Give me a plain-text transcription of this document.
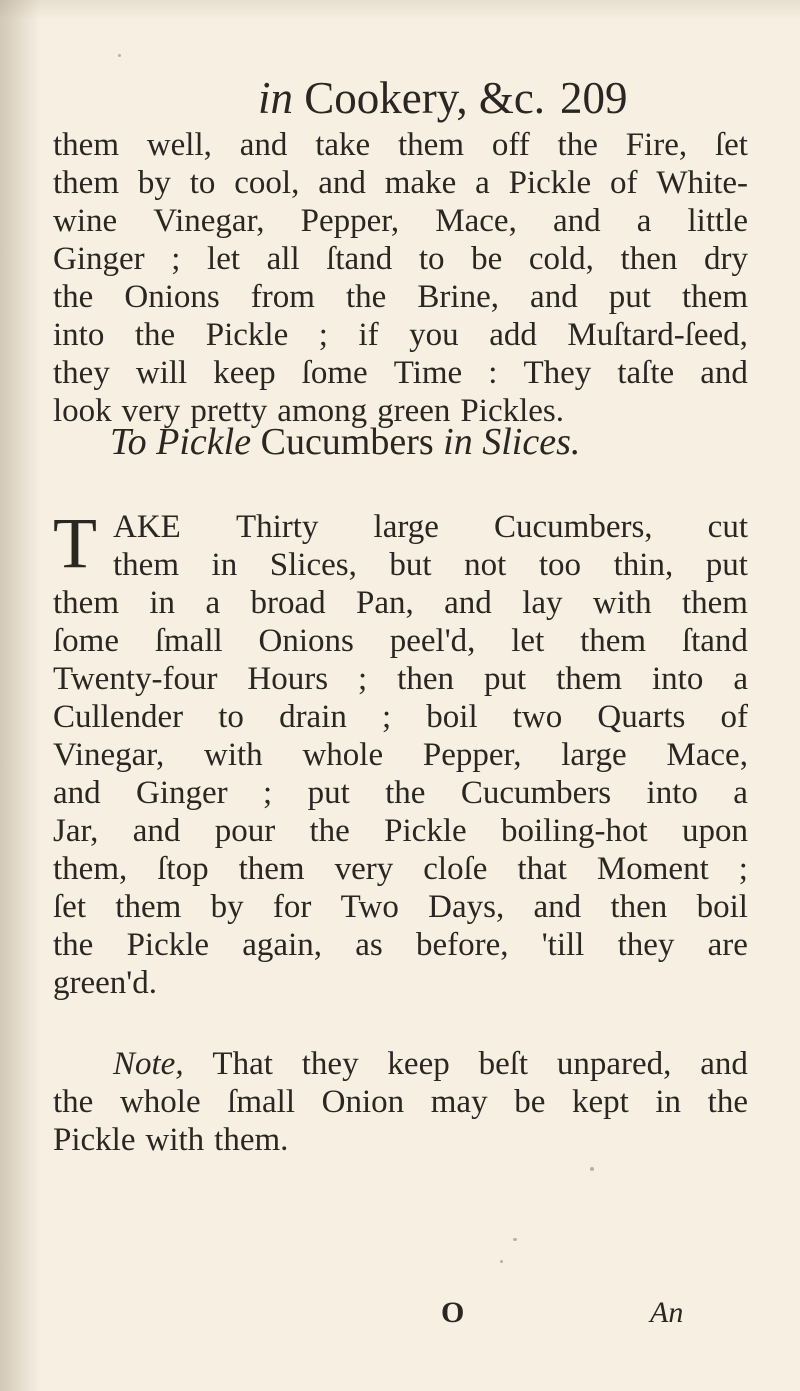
in Cookery, &c. 209
them well, and take them off the Fire, ſet
them by to cool, and make a Pickle of White-
wine Vinegar, Pepper, Mace, and a little
Ginger ; let all ſtand to be cold, then dry
the Onions from the Brine, and put them
into the Pickle ; if you add Muſtard-ſeed,
they will keep ſome Time : They taſte and
look very pretty among green Pickles.
To Pickle Cucumbers in Slices.
T AKE Thirty large Cucumbers, cut
them in Slices, but not too thin, put
them in a broad Pan, and lay with them
ſome ſmall Onions peel'd, let them ſtand
Twenty-four Hours ; then put them into a
Cullender to drain ; boil two Quarts of
Vinegar, with whole Pepper, large Mace,
and Ginger ; put the Cucumbers into a
Jar, and pour the Pickle boiling-hot upon
them, ſtop them very cloſe that Moment ;
ſet them by for Two Days, and then boil
the Pickle again, as before, 'till they are
green'd.
Note, That they keep beſt unpared, and
the whole ſmall Onion may be kept in the
Pickle with them.
O	An
